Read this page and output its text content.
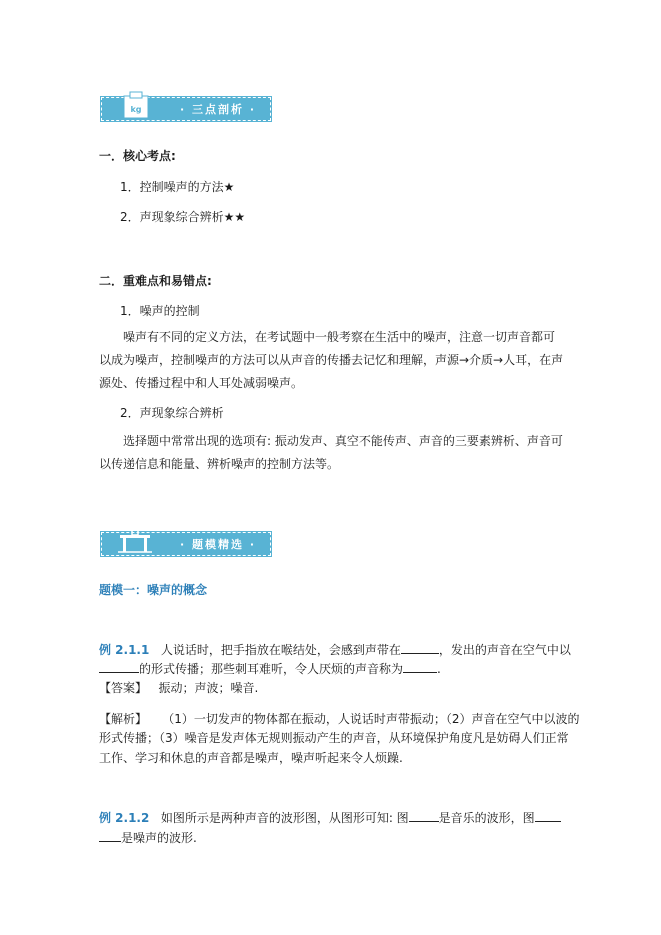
kg	· 三点剖析 ·
一．核心考点:
1．控制噪声的方法★
2．声现象综合辨析★★
二．重难点和易错点:
1．噪声的控制
噪声有不同的定义方法，在考试题中一般考察在生活中的噪声，注意一切声音都可以成为噪声，控制噪声的方法可以从声音的传播去记忆和理解，声源→介质→人耳，在声源处、传播过程中和人耳处减弱噪声。
2．声现象综合辨析
选择题中常常出现的选项有: 振动发声、真空不能传声、声音的三要素辨析、声音可以传递信息和能量、辨析噪声的控制方法等。
· 题模精选 ·
题模一：噪声的概念
例 2.1.1 人说话时，把手指放在喉结处，会感到声带在	，发出的声音在空气中以
的形式传播；那些刺耳难听，令人厌烦的声音称为	.
【答案】 振动；声波；噪音.
【解析】 （1）一切发声的物体都在振动，人说话时声带振动；（2）声音在空气中以波的
形式传播；（3）噪音是发声体无规则振动产生的声音，从环境保护角度凡是妨碍人们正常
工作、学习和休息的声音都是噪声，噪声听起来令人烦躁.
例 2.1.2 如图所示是两种声音的波形图，从图形可知: 图	是音乐的波形，图
是噪声的波形.
